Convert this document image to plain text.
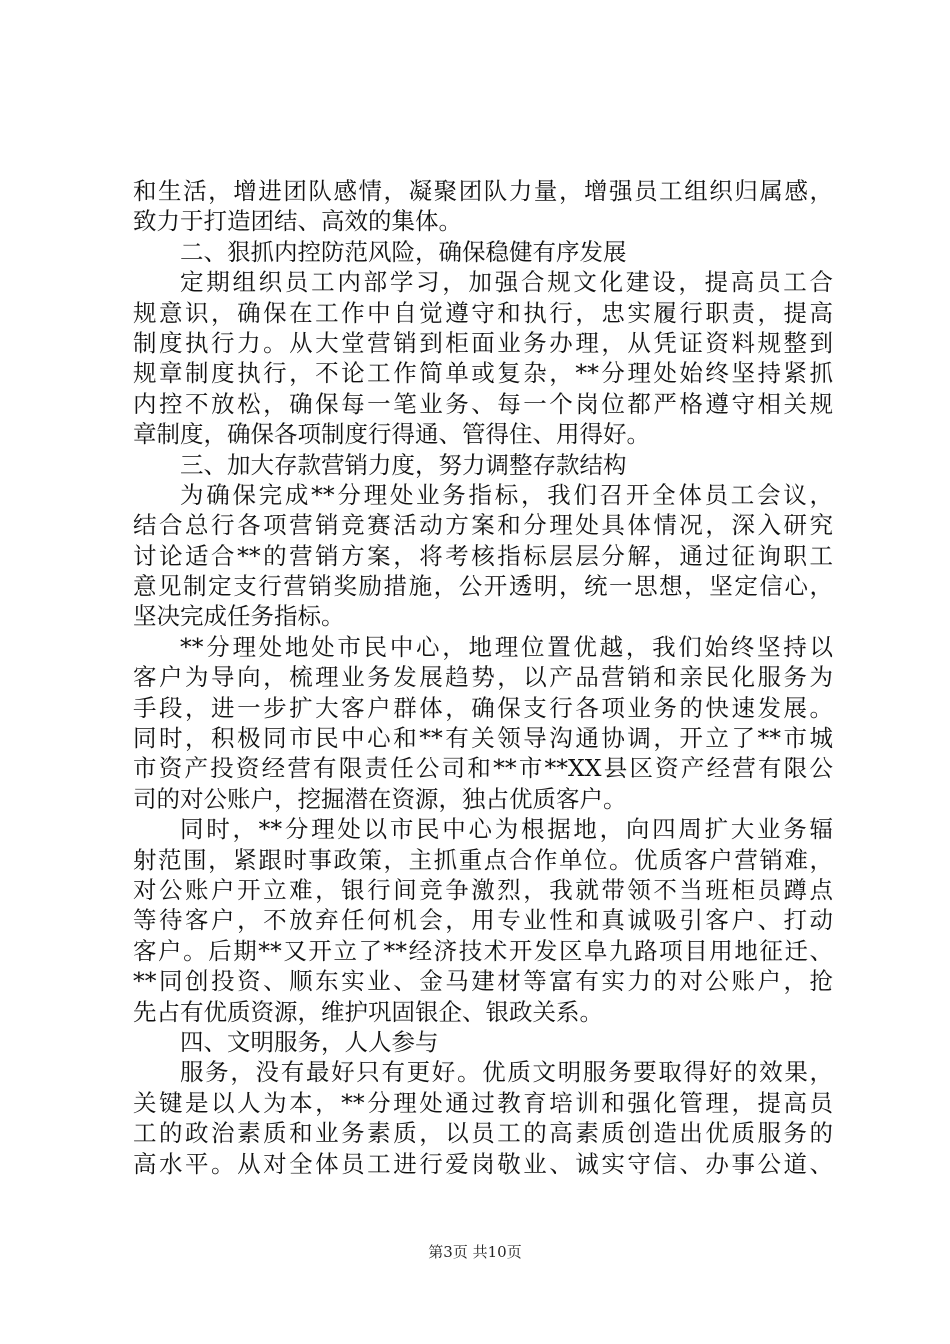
和生活，增进团队感情，凝聚团队力量，增强员工组织归属感，
致力于打造团结、高效的集体。
二、狠抓内控防范风险，确保稳健有序发展
定期组织员工内部学习，加强合规文化建设，提高员工合
规意识，确保在工作中自觉遵守和执行，忠实履行职责，提高
制度执行力。从大堂营销到柜面业务办理，从凭证资料规整到
规章制度执行，不论工作简单或复杂，**分理处始终坚持紧抓
内控不放松，确保每一笔业务、每一个岗位都严格遵守相关规
章制度，确保各项制度行得通、管得住、用得好。
三、加大存款营销力度，努力调整存款结构
为确保完成**分理处业务指标，我们召开全体员工会议，
结合总行各项营销竞赛活动方案和分理处具体情况，深入研究
讨论适合**的营销方案，将考核指标层层分解，通过征询职工
意见制定支行营销奖励措施，公开透明，统一思想，坚定信心，
坚决完成任务指标。
**分理处地处市民中心，地理位置优越，我们始终坚持以
客户为导向，梳理业务发展趋势，以产品营销和亲民化服务为
手段，进一步扩大客户群体，确保支行各项业务的快速发展。
同时，积极同市民中心和**有关领导沟通协调，开立了**市城
市资产投资经营有限责任公司和**市**XX县区资产经营有限公
司的对公账户，挖掘潜在资源，独占优质客户。
同时，**分理处以市民中心为根据地，向四周扩大业务辐
射范围，紧跟时事政策，主抓重点合作单位。优质客户营销难，
对公账户开立难，银行间竞争激烈，我就带领不当班柜员蹲点
等待客户，不放弃任何机会，用专业性和真诚吸引客户、打动
客户。后期**又开立了**经济技术开发区阜九路项目用地征迁、
**同创投资、顺东实业、金马建材等富有实力的对公账户，抢
先占有优质资源，维护巩固银企、银政关系。
四、文明服务，人人参与
服务，没有最好只有更好。优质文明服务要取得好的效果，
关键是以人为本，**分理处通过教育培训和强化管理，提高员
工的政治素质和业务素质，以员工的高素质创造出优质服务的
高水平。从对全体员工进行爱岗敬业、诚实守信、办事公道、
第3页 共10页
